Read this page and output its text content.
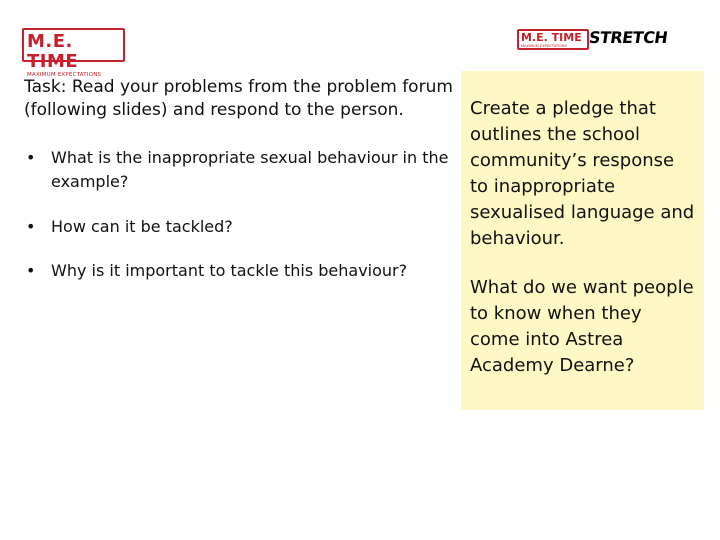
M.E. TIME
MAXIMUM EXPECTATIONS
M.E. TIME
MAXIMUM EXPECTATIONS	STRETCH
Task: Read your problems from the problem forum (following slides) and respond to the person.
• What is the inappropriate sexual behaviour in the example?
• How can it be tackled?
• Why is it important to tackle this behaviour?
Create a pledge that outlines the school community’s response to inappropriate sexualised language and behaviour.
What do we want people to know when they come into Astrea Academy Dearne?
